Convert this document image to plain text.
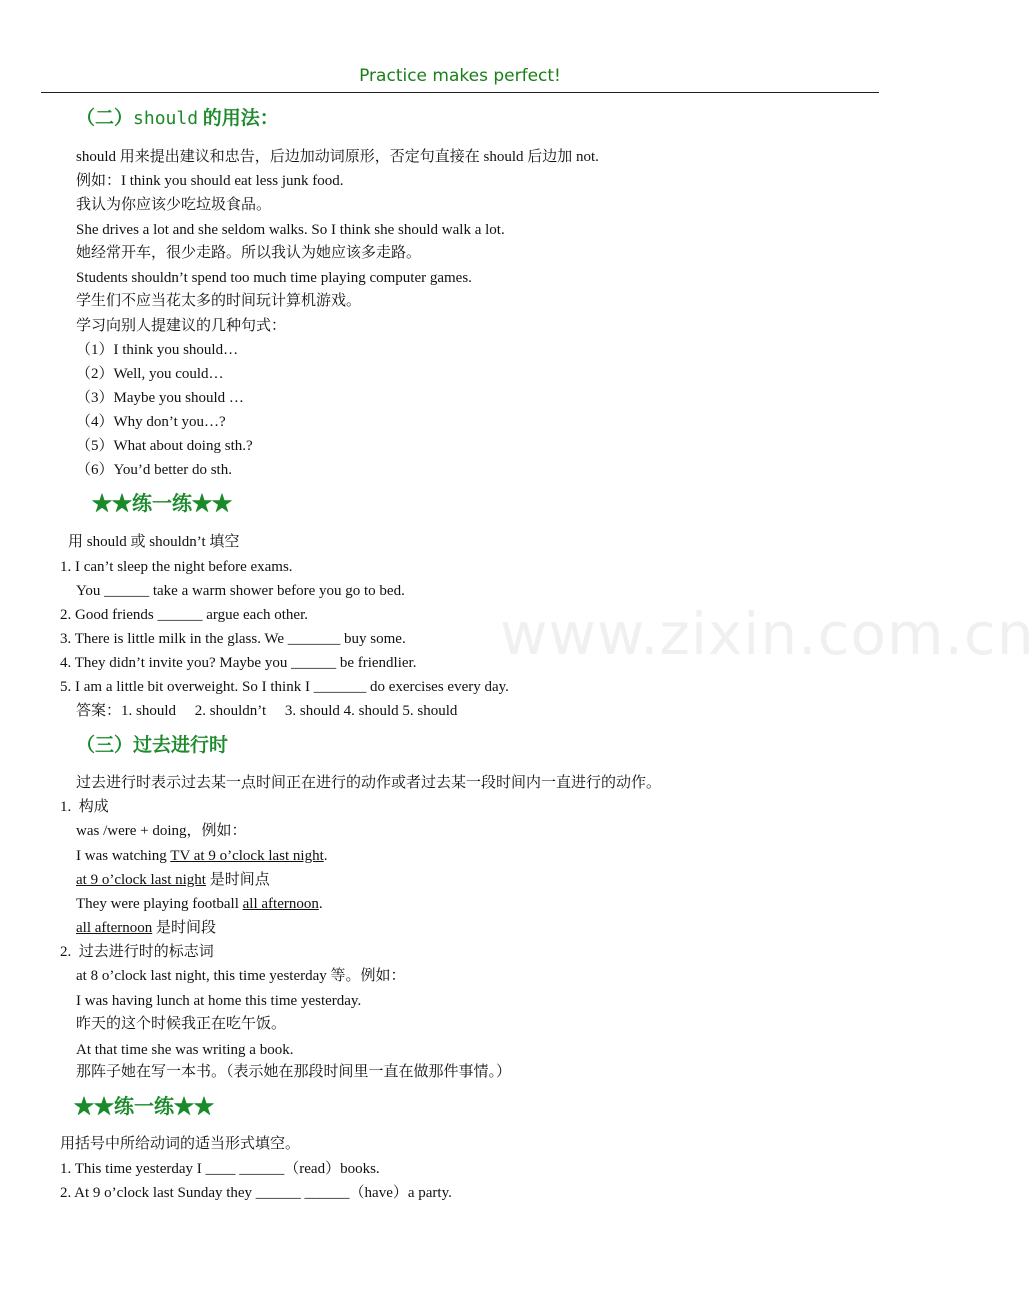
Practice makes perfect!
www.zixin.com.cn
（二）should 的用法：
should 用来提出建议和忠告，后边加动词原形，否定句直接在 should 后边加 not.
例如：I think you should eat less junk food.
我认为你应该少吃垃圾食品。
She drives a lot and she seldom walks. So I think she should walk a lot.
她经常开车，很少走路。所以我认为她应该多走路。
Students shouldn’t spend too much time playing computer games.
学生们不应当花太多的时间玩计算机游戏。
学习向别人提建议的几种句式：
（1）I think you should…
（2）Well, you could…
（3）Maybe you should …
（4）Why don’t you…?
（5）What about doing sth.?
（6）You’d better do sth.
★★练一练★★
用 should 或 shouldn’t 填空
1. I can’t sleep the night before exams.
You ______ take a warm shower before you go to bed.
2. Good friends ______ argue each other.
3. There is little milk in the glass. We _______ buy some.
4. They didn’t invite you? Maybe you ______ be friendlier.
5. I am a little bit overweight. So I think I _______ do exercises every day.
答案：1. should     2. shouldn’t     3. should 4. should 5. should
（三）过去进行时
过去进行时表示过去某一点时间正在进行的动作或者过去某一段时间内一直进行的动作。
1.  构成
was /were + doing，例如：
I was watching TV at 9 o’clock last night.
at 9 o’clock last night 是时间点
They were playing football all afternoon.
all afternoon 是时间段
2.  过去进行时的标志词
at 8 o’clock last night, this time yesterday 等。例如：
I was having lunch at home this time yesterday.
昨天的这个时候我正在吃午饭。
At that time she was writing a book.
那阵子她在写一本书。（表示她在那段时间里一直在做那件事情。）
★★练一练★★
用括号中所给动词的适当形式填空。
1. This time yesterday I ____ ______（read）books.
2. At 9 o’clock last Sunday they ______ ______（have）a party.
